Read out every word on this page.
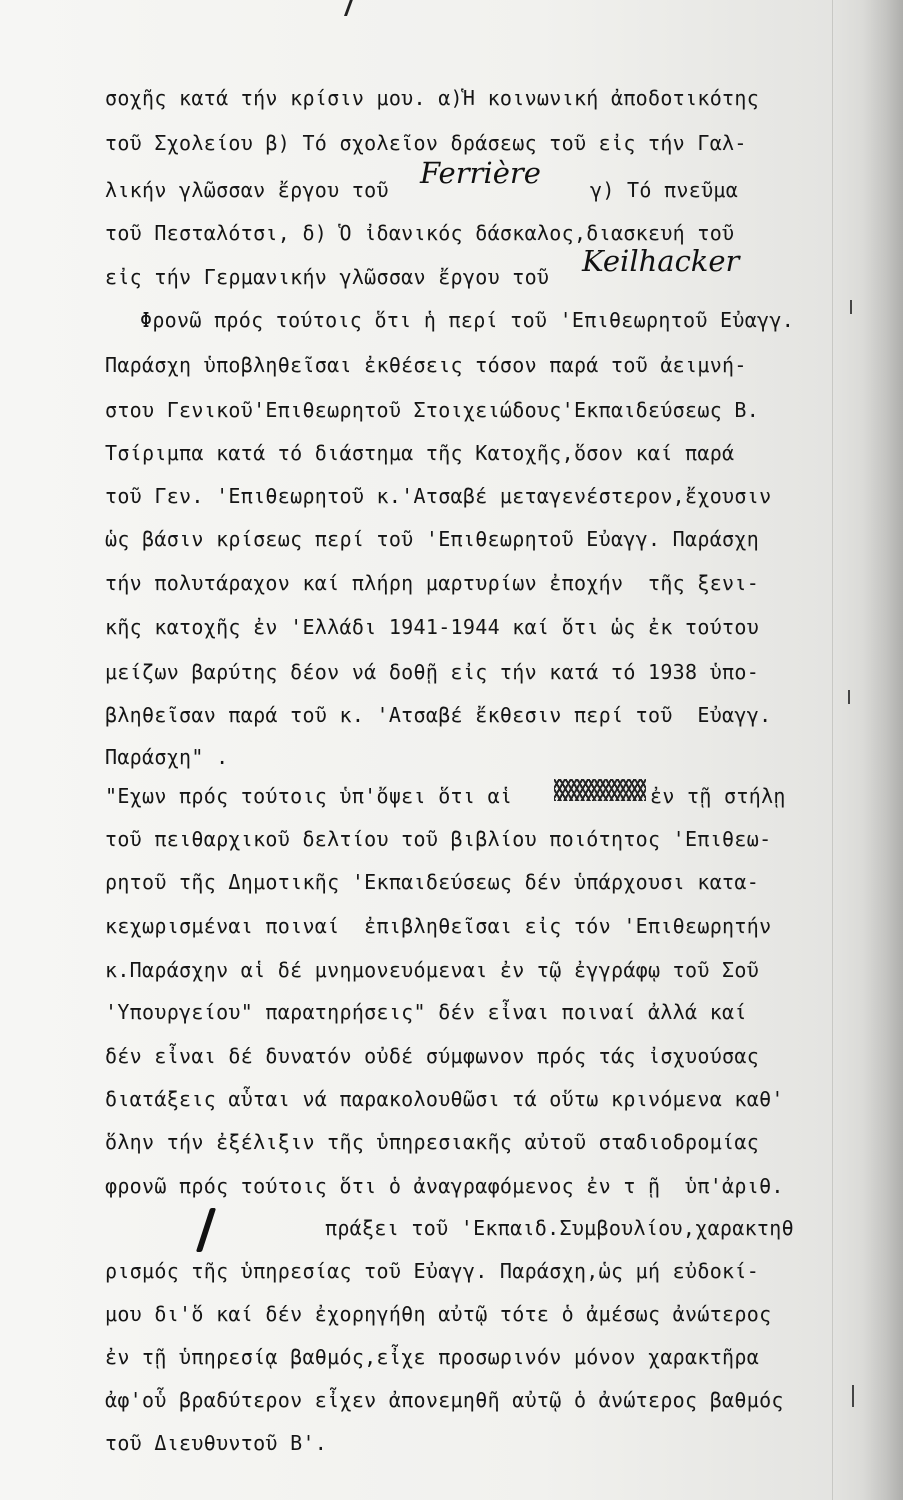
σοχῆς κατά τήν κρίσιν μου. α)Ἡ κοινωνική ἀποδοτικότης
τοῦ Σχολείου β) Τό σχολεῖον δράσεως τοῦ εἰς τήν Γαλ-
λικήν γλῶσσαν ἔργου τοῦ	Ferrière γ) Τό πνεῦμα
τοῦ Πεσταλότσι, δ) Ὁ ἰδανικός δάσκαλος,διασκευή τοῦ
εἰς τήν Γερμανικήν γλῶσσαν ἔργου τοῦ	Keilhacker
Φρονῶ πρός τούτοις ὅτι ἡ περί τοῦ 'Επιθεωρητοῦ Εὐαγγ.
Παράσχη ὑποβληθεῖσαι ἐκθέσεις τόσον παρά τοῦ ἀειμνή-
στου Γενικοῦ'Επιθεωρητοῦ Στοιχειώδους'Εκπαιδεύσεως Β.
Τσίριμπα κατά τό διάστημα τῆς Κατοχῆς,ὅσον καί παρά
τοῦ Γεν. 'Επιθεωρητοῦ κ.'Ατσαβέ μεταγενέστερον,ἔχουσιν
ὡς βάσιν κρίσεως περί τοῦ 'Επιθεωρητοῦ Εὐαγγ. Παράσχη
τήν πολυτάραχον καί πλήρη μαρτυρίων ἐποχήν  τῆς ξενι-
κῆς κατοχῆς ἐν 'Ελλάδι 1941-1944 καί ὅτι ὡς ἐκ τούτου
μείζων βαρύτης δέον νά δοθῇ εἰς τήν κατά τό 1938 ὑπο-
βληθεῖσαν παρά τοῦ κ. 'Ατσαβέ ἔκθεσιν περί τοῦ  Εὐαγγ.
Παράσχη" .
"Εχων πρός τούτοις ὑπ'ὄψει ὅτι αἱ	ἐν τῇ στήλῃ
τοῦ πειθαρχικοῦ δελτίου τοῦ βιβλίου ποιότητος 'Επιθεω-
ρητοῦ τῆς Δημοτικῆς 'Εκπαιδεύσεως δέν ὑπάρχουσι κατα-
κεχωρισμέναι ποιναί  ἐπιβληθεῖσαι εἰς τόν 'Επιθεωρητήν
κ.Παράσχην αἱ δέ μνημονευόμεναι ἐν τῷ ἐγγράφῳ τοῦ Σοῦ
'Υπουργείου" παρατηρήσεις" δέν εἶναι ποιναί ἀλλά καί
δέν εἶναι δέ δυνατόν οὐδέ σύμφωνον πρός τάς ἰσχυούσας
διατάξεις αὗται νά παρακολουθῶσι τά οὕτω κρινόμενα καθ'
ὅλην τήν ἐξέλιξιν τῆς ὑπηρεσιακῆς αὐτοῦ σταδιοδρομίας
φρονῶ πρός τούτοις ὅτι ὁ ἀναγραφόμενος ἐν τ ῇ  ὑπ'ἀριθ.
πράξει τοῦ 'Εκπαιδ.Συμβουλίου,χαρακτηθ
ρισμός τῆς ὑπηρεσίας τοῦ Εὐαγγ. Παράσχη,ὡς μή εὐδοκί-
μου δι'ὅ καί δέν ἐχορηγήθη αὐτῷ τότε ὁ ἀμέσως ἀνώτερος
ἐν τῇ ὑπηρεσίᾳ βαθμός,εἶχε προσωρινόν μόνον χαρακτῆρα
ἀφ'οὗ βραδύτερον εἶχεν ἀπονεμηθῆ αὐτῷ ὁ ἀνώτερος βαθμός
τοῦ Διευθυντοῦ Β'.
